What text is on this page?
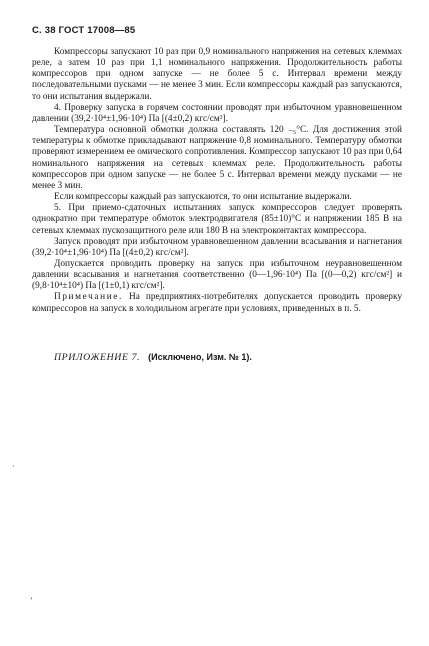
С. 38 ГОСТ 17008—85

Компрессоры запускают 10 раз при 0,9 номинального напряжения на сетевых клеммах реле, а затем 10 раз при 1,1 номинального напряжения. Продолжительность работы компрессоров при одном запуске — не более 5 с. Интервал времени между последовательными пусками — не менее 3 мин. Если компрессоры каждый раз запускаются, то они испытания выдержали.

4. Проверку запуска в горячем состоянии проводят при избыточном уравновешенном давлении (39,2·10⁴±1,96·10⁴) Па [(4±0,2) кгс/см²].

Температура основной обмотки должна составлять 120 ₋₅°С. Для достижения этой температуры к обмотке прикладывают напряжение 0,8 номинального. Температуру обмотки проверяют измерением ее омического сопротивления. Компрессор запускают 10 раз при 0,64 номинального напряжения на сетевых клеммах реле. Продолжительность работы компрессоров при одном запуске — не более 5 с. Интервал времени между пусками — не менее 3 мин.

Если компрессоры каждый раз запускаются, то они испытание выдержали.

5. При приемо-сдаточных испытаниях запуск компрессоров следует проверять однократно при температуре обмоток электродвигателя (85±10)°С и напряжении 185 В на сетевых клеммах пускозащитного реле или 180 В на электроконтактах компрессора.

Запуск проводят при избыточном уравновешенном давлении всасывания и нагнетания (39,2·10⁴±1,96·10⁴) Па [(4±0,2) кгс/см²].

Допускается проводить проверку на запуск при избыточном неуравновешенном давлении всасывания и нагнетания соответственно (0—1,96·10⁴) Па [(0—0,2) кгс/см²] и (9,8·10⁴±10⁴) Па [(1±0,1) кгс/см²].

Примечание. На предприятиях-потребителях допускается проводить проверку компрессоров на запуск в холодильном агрегате при условиях, приведенных в п. 5.

ПРИЛОЖЕНИЕ 7. (Исключено, Изм. № 1).
·
ʼ
